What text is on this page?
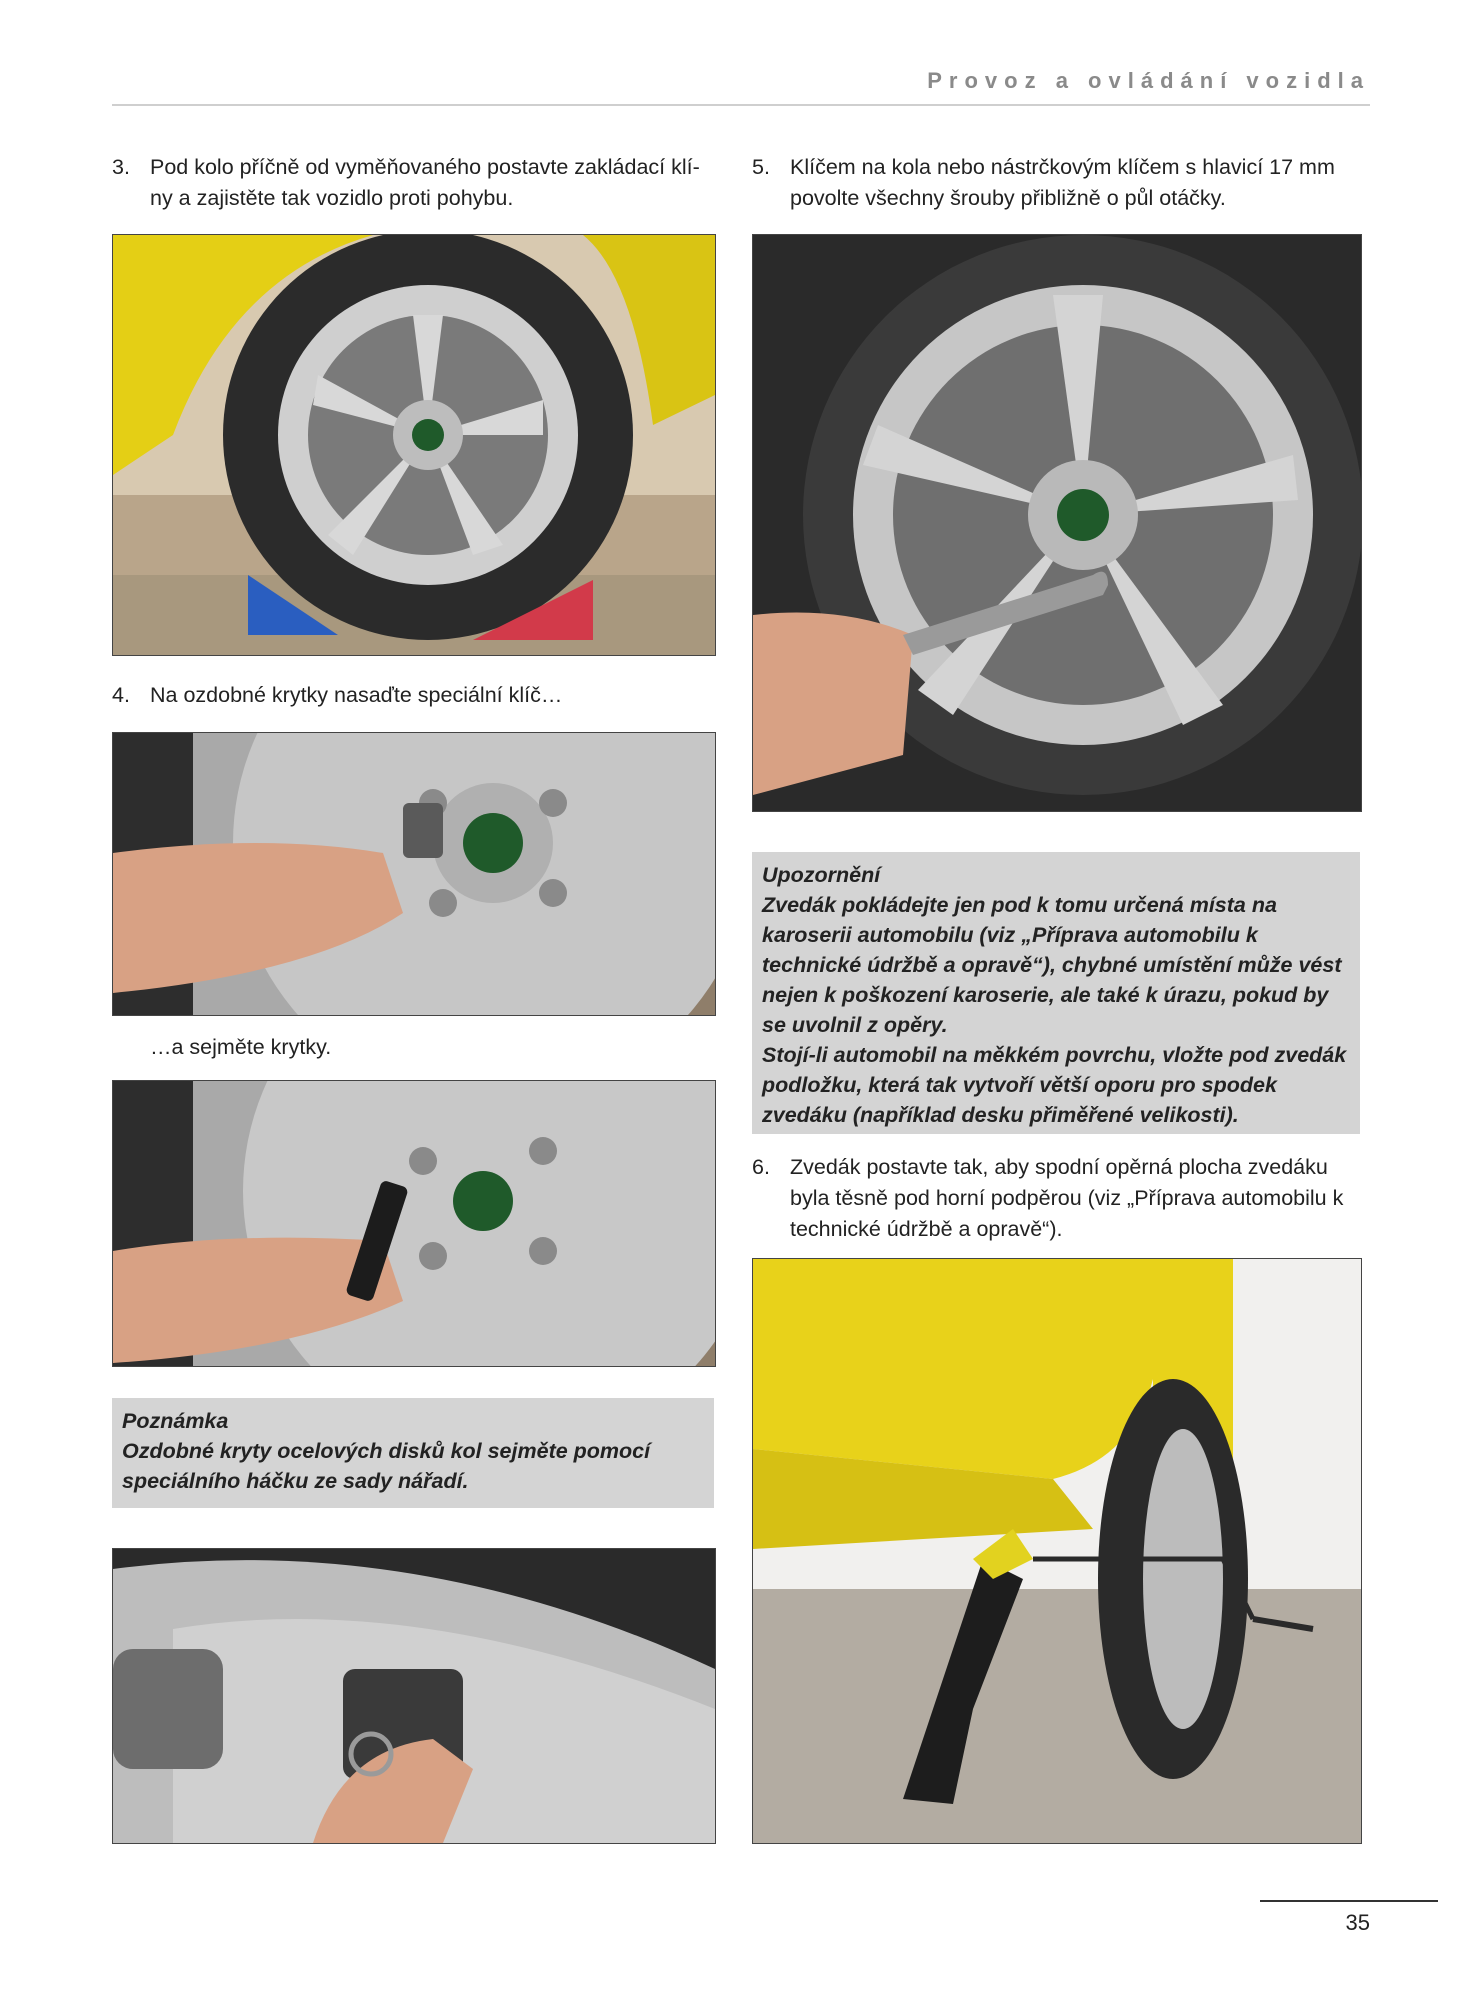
Provoz a ovládání vozidla
3. Pod kolo příčně od vyměňovaného postavte zakládací klíny a zajistěte tak vozidlo proti pohybu.
4. Na ozdobné krytky nasaďte speciální klíč…
…a sejměte krytky.
Poznámka
Ozdobné kryty ocelových disků kol sejměte pomocí speciálního háčku ze sady nářadí.
5. Klíčem na kola nebo nástrčkovým klíčem s hlavicí 17 mm povolte všechny šrouby přibližně o půl otáčky.
Upozornění
Zvedák pokládejte jen pod k tomu určená místa na karoserii automobilu (viz „Příprava automobilu k technické údržbě a opravě“), chybné umístění může vést nejen k poškození karoserie, ale také k úrazu, pokud by se uvolnil z opěry.
Stojí-li automobil na měkkém povrchu, vložte pod zvedák podložku, která tak vytvoří větší oporu pro spodek zvedáku (například desku přiměřené velikosti).
6. Zvedák postavte tak, aby spodní opěrná plocha zvedáku byla těsně pod horní podpěrou (viz „Příprava automobilu k technické údržbě a opravě“).
35
